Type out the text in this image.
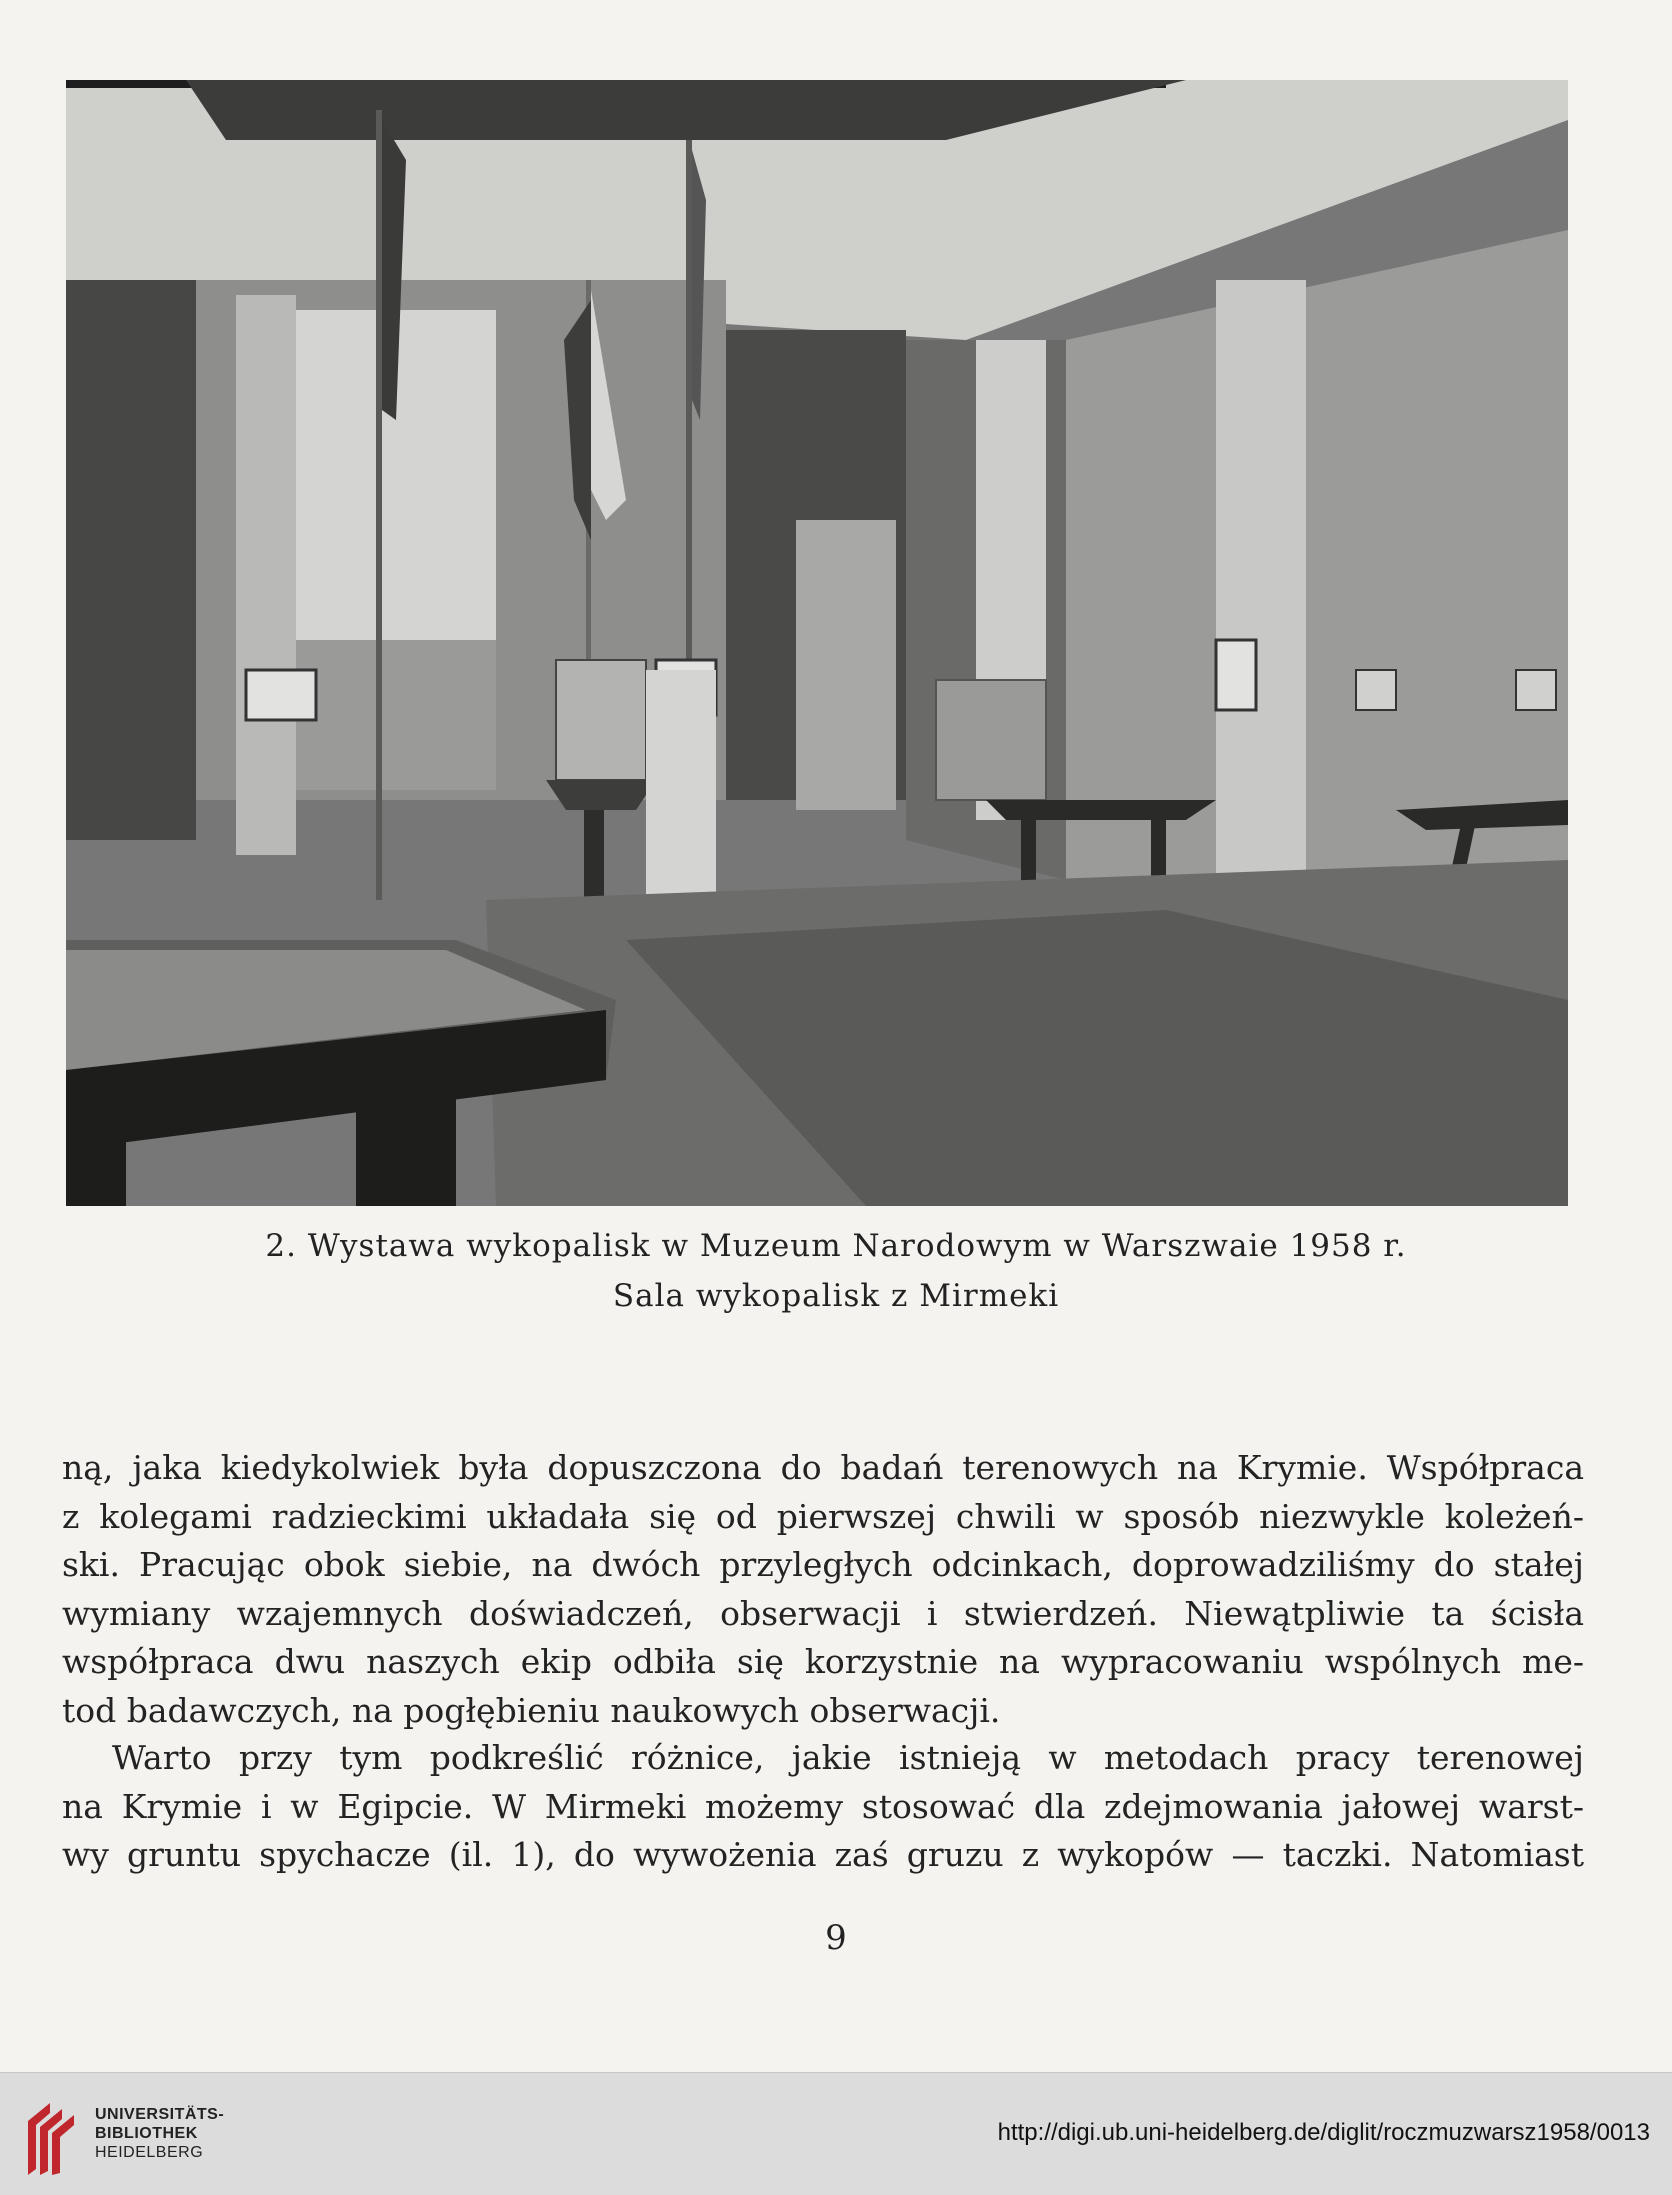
2. Wystawa wykopalisk w Muzeum Narodowym w Warszwaie 1958 r.
Sala wykopalisk z Mirmeki
ną, jaka kiedykolwiek była dopuszczona do badań terenowych na Krymie. Współpraca
z kolegami radzieckimi układała się od pierwszej chwili w sposób niezwykle koleżeń-
ski. Pracując obok siebie, na dwóch przyległych odcinkach, doprowadziliśmy do stałej
wymiany wzajemnych doświadczeń, obserwacji i stwierdzeń. Niewątpliwie ta ścisła
współpraca dwu naszych ekip odbiła się korzystnie na wypracowaniu wspólnych me-
tod badawczych, na pogłębieniu naukowych obserwacji.
Warto przy tym podkreślić różnice, jakie istnieją w metodach pracy terenowej
na Krymie i w Egipcie. W Mirmeki możemy stosować dla zdejmowania jałowej warst-
wy gruntu spychacze (il. 1), do wywożenia zaś gruzu z wykopów — taczki. Natomiast
9
UNIVERSITÄTS-
BIBLIOTHEK
HEIDELBERG
http://digi.ub.uni-heidelberg.de/diglit/roczmuzwarsz1958/0013
